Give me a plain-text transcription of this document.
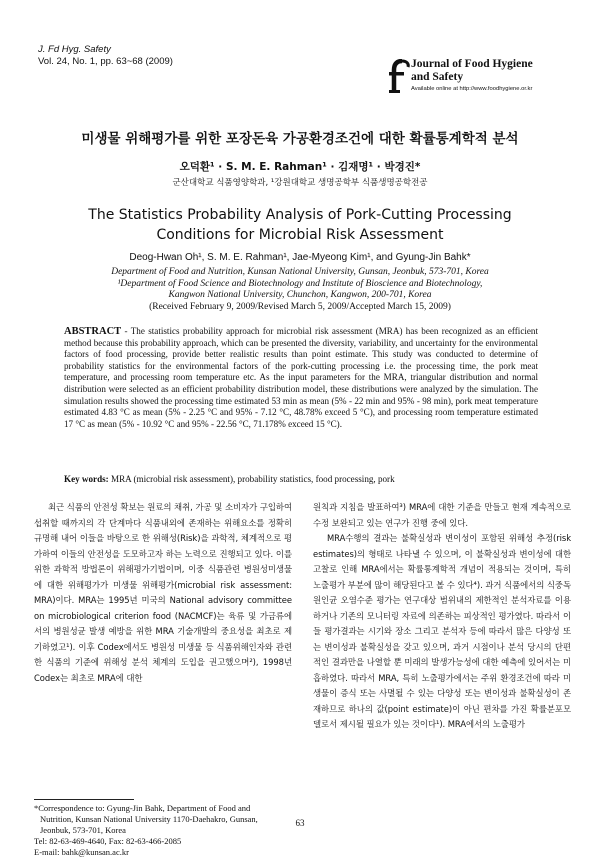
J. Fd Hyg. Safety
Vol. 24, No. 1, pp. 63~68 (2009)	Journal of Food Hygiene
and Safety
Available online at http://www.foodhygiene.or.kr
미생물 위해평가를 위한 포장돈육 가공환경조건에 대한 확률통계학적 분석
오덕환¹ · S. M. E. Rahman¹ · 김재명¹ · 박경진*
군산대학교 식품영양학과, ¹강원대학교 생명공학부 식품생명공학전공
The Statistics Probability Analysis of Pork-Cutting Processing
Conditions for Microbial Risk Assessment
Deog-Hwan Oh¹, S. M. E. Rahman¹, Jae-Myeong Kim¹, and Gyung-Jin Bahk*
Department of Food and Nutrition, Kunsan National University, Gunsan, Jeonbuk, 573-701, Korea
¹Department of Food Science and Biotechnology and Institute of Bioscience and Biotechnology,
Kangwon National University, Chunchon, Kangwon, 200-701, Korea
(Received February 9, 2009/Revised March 5, 2009/Accepted March 15, 2009)
ABSTRACT - The statistics probability approach for microbial risk assessment (MRA) has been recognized as an efficient method because this probability approach, which can be presented the diversity, variability, and uncertainty for the environmental factors of food processing, provide better realistic results than point estimate. This study was conducted to determine of probability statistics for the environmental factors of the pork-cutting processing i.e. the processing time, the pork meat temperature, and processing room temperature etc. As the input parameters for the MRA, triangular distribution and normal distribution were selected as an efficient probability distribution model, these distributions were analyzed by the simulation. The simulation results showed the processing time estimated 53 min as mean (5% - 22 min and 95% - 98 min), pork meat temperature estimated 4.83 °C as mean (5% - 2.25 °C and 95% - 7.12 °C, 48.78% exceed 5 °C), and processing room temperature estimated 17 °C as mean (5% - 10.92 °C and 95% - 22.56 °C, 71.178% exceed 15 °C).
Key words: MRA (microbial risk assessment), probability statistics, food processing, pork

최근 식품의 안전성 확보는 원료의 채취, 가공 및 소비자가 구입하여 섭취할 때까지의 각 단계마다 식품내외에 존재하는 위해요소를 정확히 규명해 내어 이들을 바탕으로 한 위해성(Risk)을 과학적, 체계적으로 평가하여 이들의 안전성을 도모하고자 하는 노력으로 진행되고 있다. 이를 위한 과학적 방법론이 위해평가기법이며, 이중 식품관련 병원성미생물에 대한 위해평가가 미생물 위해평가(microbial risk assessment: MRA)이다. MRA는 1995년 미국의 National advisory committee on microbiological criterion food (NACMCF)는 육류 및 가금류에서의 병원성균 발생 예방을 위한 MRA 기술개발의 중요성을 최초로 제기하였고¹). 이후 Codex에서도 병원성 미생물 등 식품위해인자와 관련한 식품의 기준에 위해성 분석 체계의 도입을 권고했으며²), 1998년 Codex는 최초로 MRA에 대한

원칙과 지침을 발표하여³) MRA에 대한 기준을 만들고 현재 계속적으로 수정 보완되고 있는 연구가 진행 중에 있다.

MRA수행의 결과는 불확실성과 변이성이 포함된 위해성 추정(risk estimates)의 형태로 나타낼 수 있으며, 이 불확실성과 변이성에 대한 고찰로 인해 MRA에서는 확률통계학적 개념이 적용되는 것이며, 특히 노출평가 부분에 많이 해당된다고 볼 수 있다⁴). 과거 식품에서의 식중독 원인균 오염수준 평가는 연구대상 범위내의 제한적인 분석자료를 이용하거나 기존의 모니터링 자료에 의존하는 피상적인 평가였다. 따라서 이들 평가결과는 시기와 장소 그리고 분석자 등에 따라서 많은 다양성 또는 변이성과 불확실성을 갖고 있으며, 과거 시점이나 분석 당시의 단편적인 결과만을 나열할 뿐 미래의 발생가능성에 대한 예측에 있어서는 미흡하였다. 따라서 MRA, 특히 노출평가에서는 주위 환경조건에 따라 미생물이 증식 또는 사멸될 수 있는 다양성 또는 변이성과 불확실성이 존재하므로 하나의 값(point estimate)이 아닌 편차를 가진 확률분포모델로서 제시될 필요가 있는 것이다¹). MRA에서의 노출평가

*Correspondence to: Gyung-Jin Bahk, Department of Food and
Nutrition, Kunsan National University 1170-Daehakro, Gunsan,
Jeonbuk, 573-701, Korea
Tel: 82-63-469-4640, Fax: 82-63-466-2085
E-mail: bahk@kunsan.ac.kr
63
